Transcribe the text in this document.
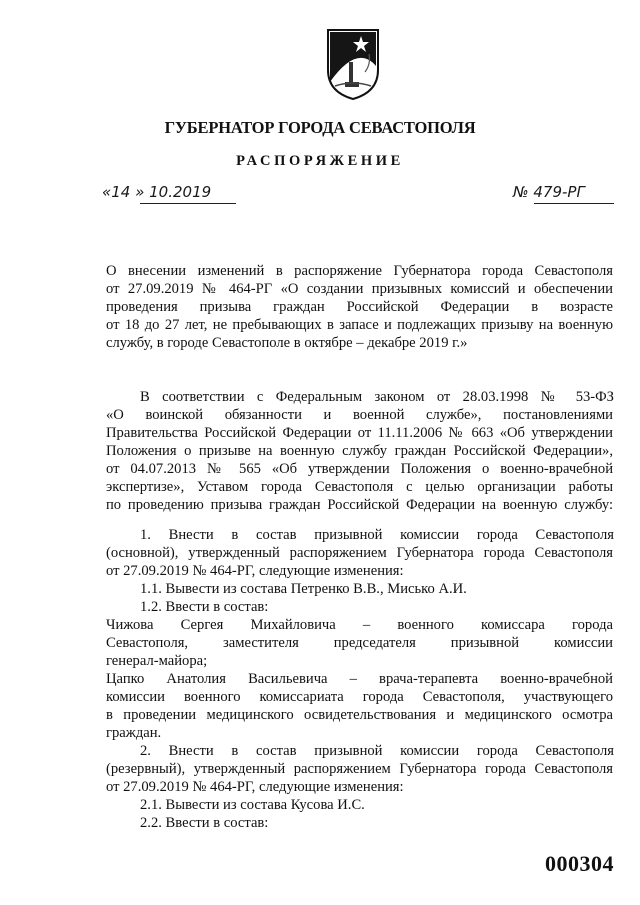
ГУБЕРНАТОР ГОРОДА СЕВАСТОПОЛЯ
РАСПОРЯЖЕНИЕ
«14 » 10.2019	№ 479-РГ
О внесении изменений в распоряжение Губернатора города Севастополя
от 27.09.2019 № 464-РГ «О создании призывных комиссий и обеспечении
проведения призыва граждан Российской Федерации в возрасте
от 18 до 27 лет, не пребывающих в запасе и подлежащих призыву на военную
службу, в городе Севастополе в октябре – декабре 2019 г.»
В соответствии с Федеральным законом от 28.03.1998 № 53-ФЗ
«О воинской обязанности и военной службе», постановлениями
Правительства Российской Федерации от 11.11.2006 № 663 «Об утверждении
Положения о призыве на военную службу граждан Российской Федерации»,
от 04.07.2013 № 565 «Об утверждении Положения о военно-врачебной
экспертизе», Уставом города Севастополя с целью организации работы
по проведению призыва граждан Российской Федерации на военную службу:
1. Внести в состав призывной комиссии города Севастополя
(основной), утвержденный распоряжением Губернатора города Севастополя
от 27.09.2019 № 464-РГ, следующие изменения:
1.1. Вывести из состава Петренко В.В., Мисько А.И.
1.2. Ввести в состав:
Чижова Сергея Михайловича – военного комиссара города
Севастополя, заместителя председателя призывной комиссии
генерал-майора;
Цапко Анатолия Васильевича – врача-терапевта военно-врачебной
комиссии военного комиссариата города Севастополя, участвующего
в проведении медицинского освидетельствования и медицинского осмотра
граждан.
2. Внести в состав призывной комиссии города Севастополя
(резервный), утвержденный распоряжением Губернатора города Севастополя
от 27.09.2019 № 464-РГ, следующие изменения:
2.1. Вывести из состава Кусова И.С.
2.2. Ввести в состав:
000304
